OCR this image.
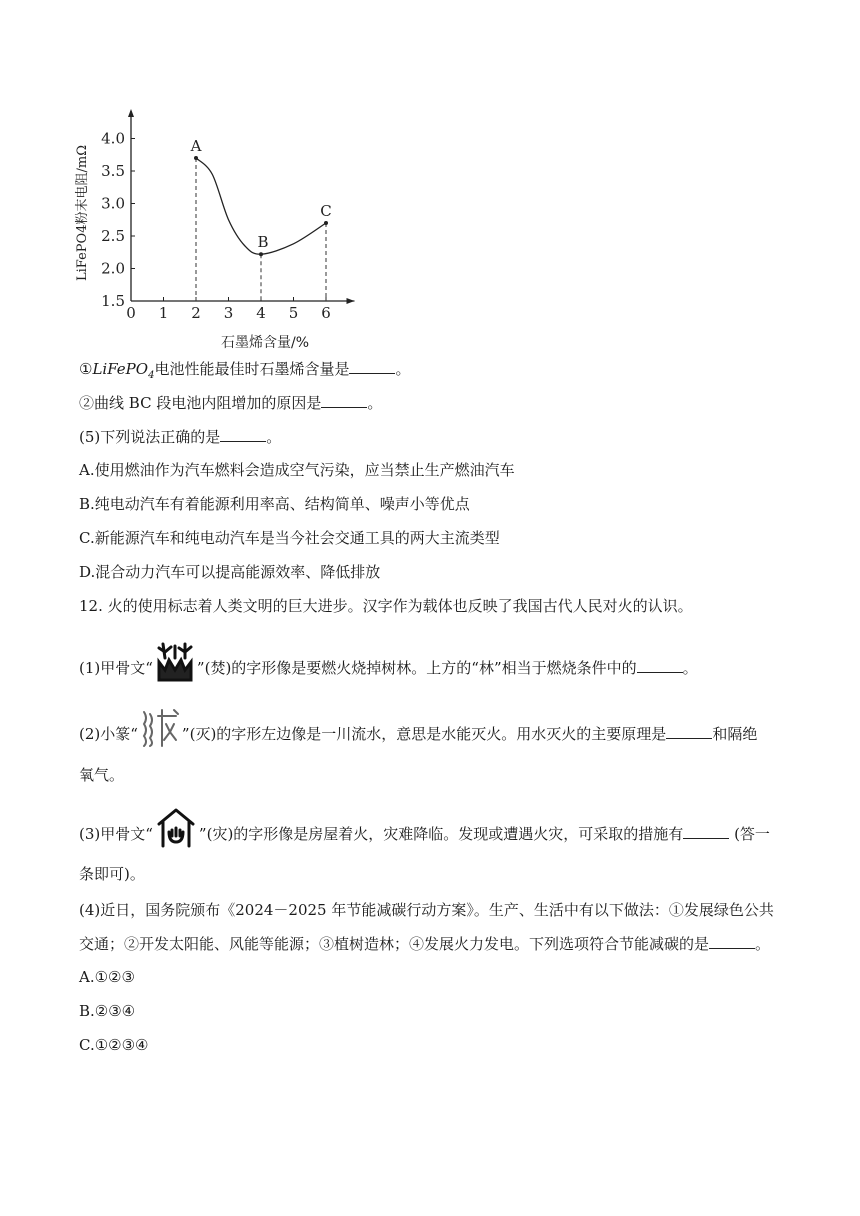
0 1 2 3 4 5 6
1.5
2.0
2.5
3.0
3.5
4.0	A
B
C
石墨烯含量/%
LiFePO4粉末电阻/mΩ
①LiFePO$_4$电池性能最佳时石墨烯含量是	。
②曲线 BC 段电池内阻增加的原因是	。
(5)下列说法正确的是	。
A.使用燃油作为汽车燃料会造成空气污染，应当禁止生产燃油汽车
B.纯电动汽车有着能源利用率高、结构简单、噪声小等优点
C.新能源汽车和纯电动汽车是当今社会交通工具的两大主流类型
D.混合动力汽车可以提高能源效率、降低排放
12. 火的使用标志着人类文明的巨大进步。汉字作为载体也反映了我国古代人民对火的认识。
(1)甲骨文“	”(焚)的字形像是要燃火烧掉树林。上方的“林”相当于燃烧条件中的	。
(2)小篆“	”(灭)的字形左边像是一川流水，意思是水能灭火。用水灭火的主要原理是	和隔绝
氧气。
(3)甲骨文“	”(灾)的字形像是房屋着火，灾难降临。发现或遭遇火灾，可采取的措施有	(答一
条即可)。
(4)近日，国务院颁布《2024－2025 年节能减碳行动方案》。生产、生活中有以下做法：①发展绿色公共
交通；②开发太阳能、风能等能源；③植树造林；④发展火力发电。下列选项符合节能减碳的是	。
A.①②③
B.②③④
C.①②③④
